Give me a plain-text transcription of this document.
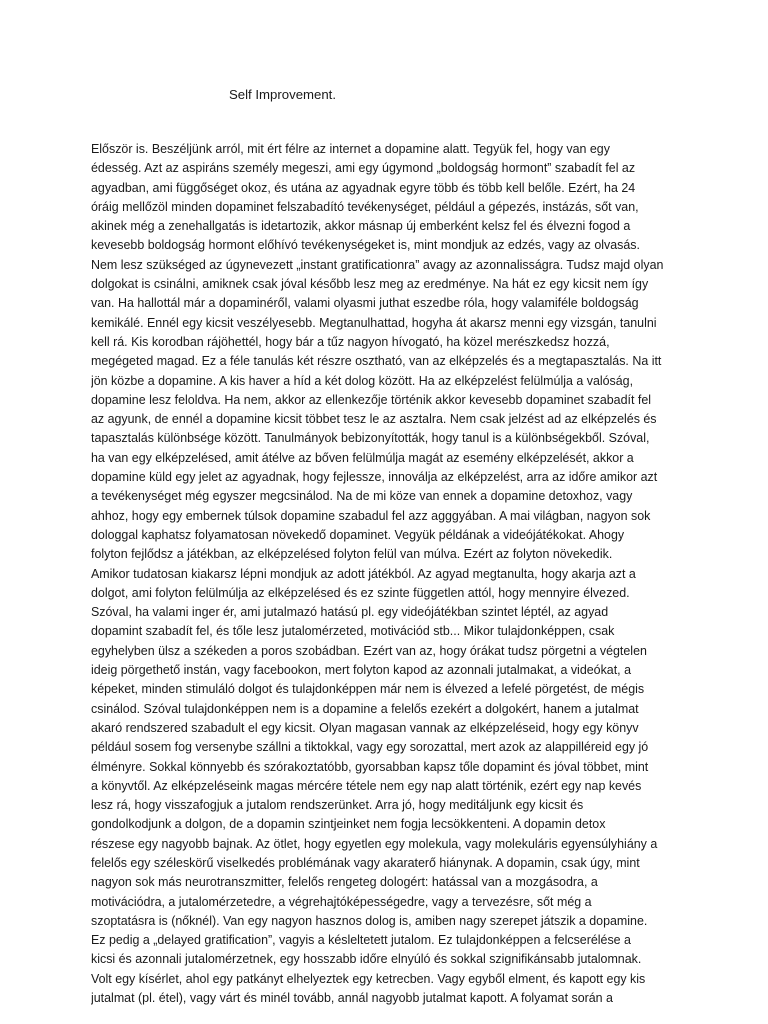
Self Improvement.
Először is. Beszéljünk arról, mit ért félre az internet a dopamine alatt. Tegyük fel, hogy van egy
édesség. Azt az aspiráns személy megeszi, ami egy úgymond „boldogság hormont” szabadít fel az
agyadban, ami függőséget okoz, és utána az agyadnak egyre több és több kell belőle. Ezért, ha 24
óráig mellőzöl minden dopaminet felszabadító tevékenységet, például a gépezés, instázás, sőt van,
akinek még a zenehallgatás is idetartozik, akkor másnap új emberként kelsz fel és élvezni fogod a
kevesebb boldogság hormont előhívó tevékenységeket is, mint mondjuk az edzés, vagy az olvasás.
Nem lesz szükséged az úgynevezett „instant gratificationra” avagy az azonnalisságra. Tudsz majd olyan
dolgokat is csinálni, amiknek csak jóval később lesz meg az eredménye. Na hát ez egy kicsit nem így
van. Ha hallottál már a dopaminéről, valami olyasmi juthat eszedbe róla, hogy valamiféle boldogság
kemikálé. Ennél egy kicsit veszélyesebb. Megtanulhattad, hogyha át akarsz menni egy vizsgán, tanulni
kell rá. Kis korodban rájöhettél, hogy bár a tűz nagyon hívogató, ha közel merészkedsz hozzá,
megégeted magad. Ez a féle tanulás két részre osztható, van az elképzelés és a megtapasztalás. Na itt
jön közbe a dopamine. A kis haver a híd a két dolog között. Ha az elképzelést felülmúlja a valóság,
dopamine lesz feloldva. Ha nem, akkor az ellenkezője történik akkor kevesebb dopaminet szabadít fel
az agyunk, de ennél a dopamine kicsit többet tesz le az asztalra. Nem csak jelzést ad az elképzelés és
tapasztalás különbsége között. Tanulmányok bebizonyították, hogy tanul is a különbségekből. Szóval,
ha van egy elképzelésed, amit átélve az bőven felülmúlja magát az esemény elképzelését, akkor a
dopamine küld egy jelet az agyadnak, hogy fejlessze, innoválja az elképzelést, arra az időre amikor azt
a tevékenységet még egyszer megcsinálod. Na de mi köze van ennek a dopamine detoxhoz, vagy
ahhoz, hogy egy embernek túlsok dopamine szabadul fel azz agggyában. A mai világban, nagyon sok
dologgal kaphatsz folyamatosan növekedő dopaminet. Vegyük példának a videójátékokat. Ahogy
folyton fejlődsz a játékban, az elképzelésed folyton felül van múlva. Ezért az folyton növekedik.
Amikor tudatosan kiakarsz lépni mondjuk az adott játékból. Az agyad megtanulta, hogy akarja azt a
dolgot, ami folyton felülmúlja az elképzelésed és ez szinte független attól, hogy mennyire élvezed.
Szóval, ha valami inger ér, ami jutalmazó hatású pl. egy videójátékban szintet léptél, az agyad
dopamint szabadít fel, és tőle lesz jutalomérzeted, motivációd stb... Mikor tulajdonképpen, csak
egyhelyben ülsz a székeden a poros szobádban. Ezért van az, hogy órákat tudsz pörgetni a végtelen
ideig pörgethető instán, vagy facebookon, mert folyton kapod az azonnali jutalmakat, a videókat, a
képeket, minden stimuláló dolgot és tulajdonképpen már nem is élvezed a lefelé pörgetést, de mégis
csinálod. Szóval tulajdonképpen nem is a dopamine a felelős ezekért a dolgokért, hanem a jutalmat
akaró rendszered szabadult el egy kicsit. Olyan magasan vannak az elképzeléseid, hogy egy könyv
például sosem fog versenybe szállni a tiktokkal, vagy egy sorozattal, mert azok az alappilléreid egy jó
élményre. Sokkal könnyebb és szórakoztatóbb, gyorsabban kapsz tőle dopamint és jóval többet, mint
a könyvtől. Az elképzeléseink magas mércére tétele nem egy nap alatt történik, ezért egy nap kevés
lesz rá, hogy visszafogjuk a jutalom rendszerünket. Arra jó, hogy meditáljunk egy kicsit és
gondolkodjunk a dolgon, de a dopamin szintjeinket nem fogja lecsökkenteni. A dopamin detox
részese egy nagyobb bajnak. Az ötlet, hogy egyetlen egy molekula, vagy molekuláris egyensúlyhiány a
felelős egy széleskörű viselkedés problémának vagy akaraterő hiánynak. A dopamin, csak úgy, mint
nagyon sok más neurotranszmitter, felelős rengeteg dologért: hatással van a mozgásodra, a
motivációdra, a jutalomérzetedre, a végrehajtóképességedre, vagy a tervezésre, sőt még a
szoptatásra is (nőknél). Van egy nagyon hasznos dolog is, amiben nagy szerepet játszik a dopamine.
Ez pedig a „delayed gratification”, vagyis a késleltetett jutalom. Ez tulajdonképpen a felcserélése a
kicsi és azonnali jutalomérzetnek, egy hosszabb időre elnyúló és sokkal szignifikánsabb jutalomnak.
Volt egy kísérlet, ahol egy patkányt elhelyeztek egy ketrecben. Vagy egyből elment, és kapott egy kis
jutalmat (pl. étel), vagy várt és minél tovább, annál nagyobb jutalmat kapott. A folyamat során a
